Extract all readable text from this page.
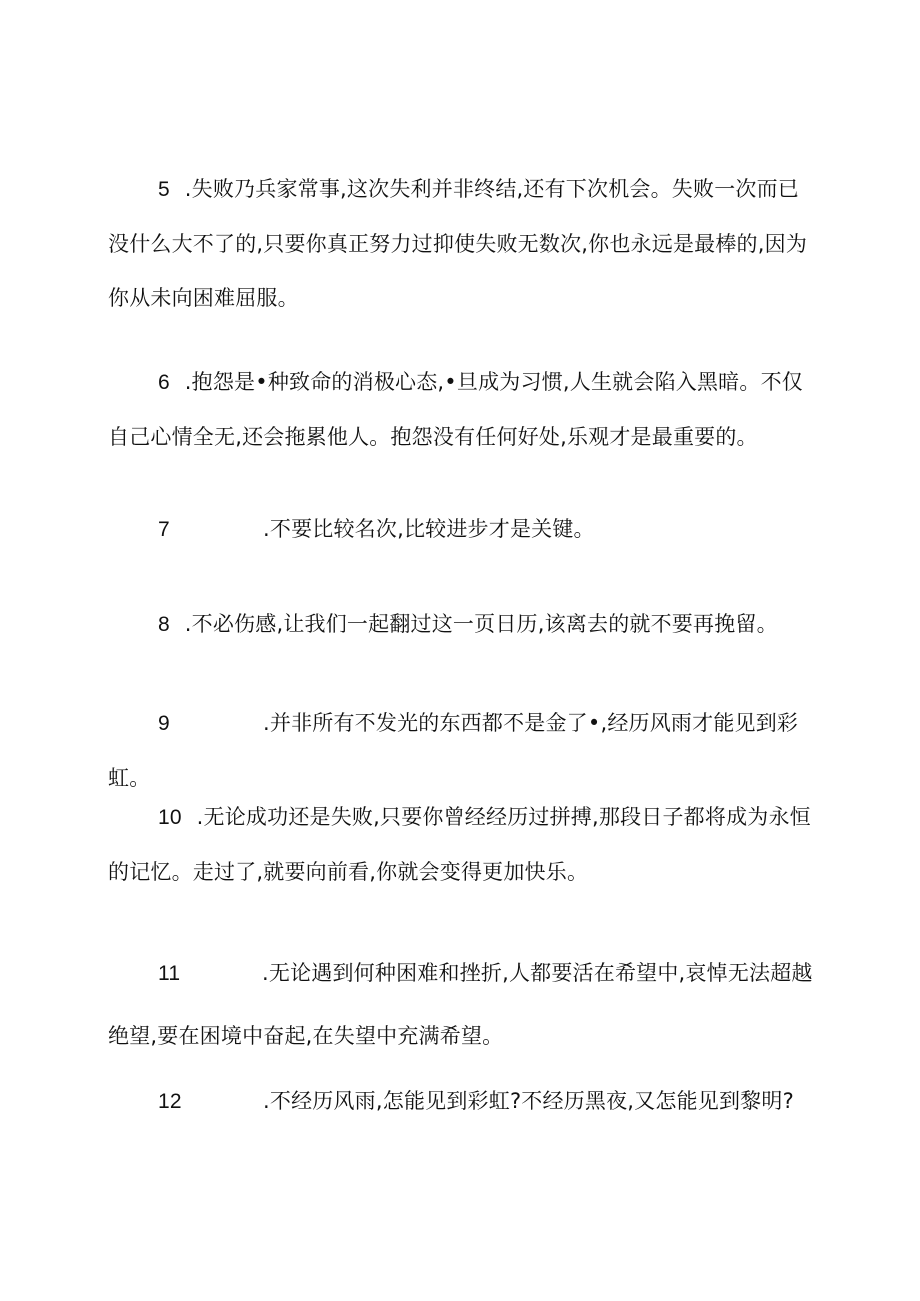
5 .失败乃兵家常事,这次失利并非终结,还有下次机会。失败一次而已没什么大不了的,只要你真正努力过抑使失败无数次,你也永远是最棒的,因为你从未向困难屈服。
6 .抱怨是•种致命的消极心态,•旦成为习惯,人生就会陷入黑暗。不仅自己心情全无,还会拖累他人。抱怨没有任何好处,乐观才是最重要的。
7	.不要比较名次,比较进步才是关键。
8 .不必伤感,让我们一起翻过这一页日历,该离去的就不要再挽留。
9	.并非所有不发光的东西都不是金了•,经历风雨才能见到彩虹。
10 .无论成功还是失败,只要你曾经经历过拼搏,那段日子都将成为永恒的记忆。走过了,就要向前看,你就会变得更加快乐。
11	.无论遇到何种困难和挫折,人都要活在希望中,哀悼无法超越绝望,要在困境中奋起,在失望中充满希望。
12	.不经历风雨,怎能见到彩虹?不经历黑夜,又怎能见到黎明?
